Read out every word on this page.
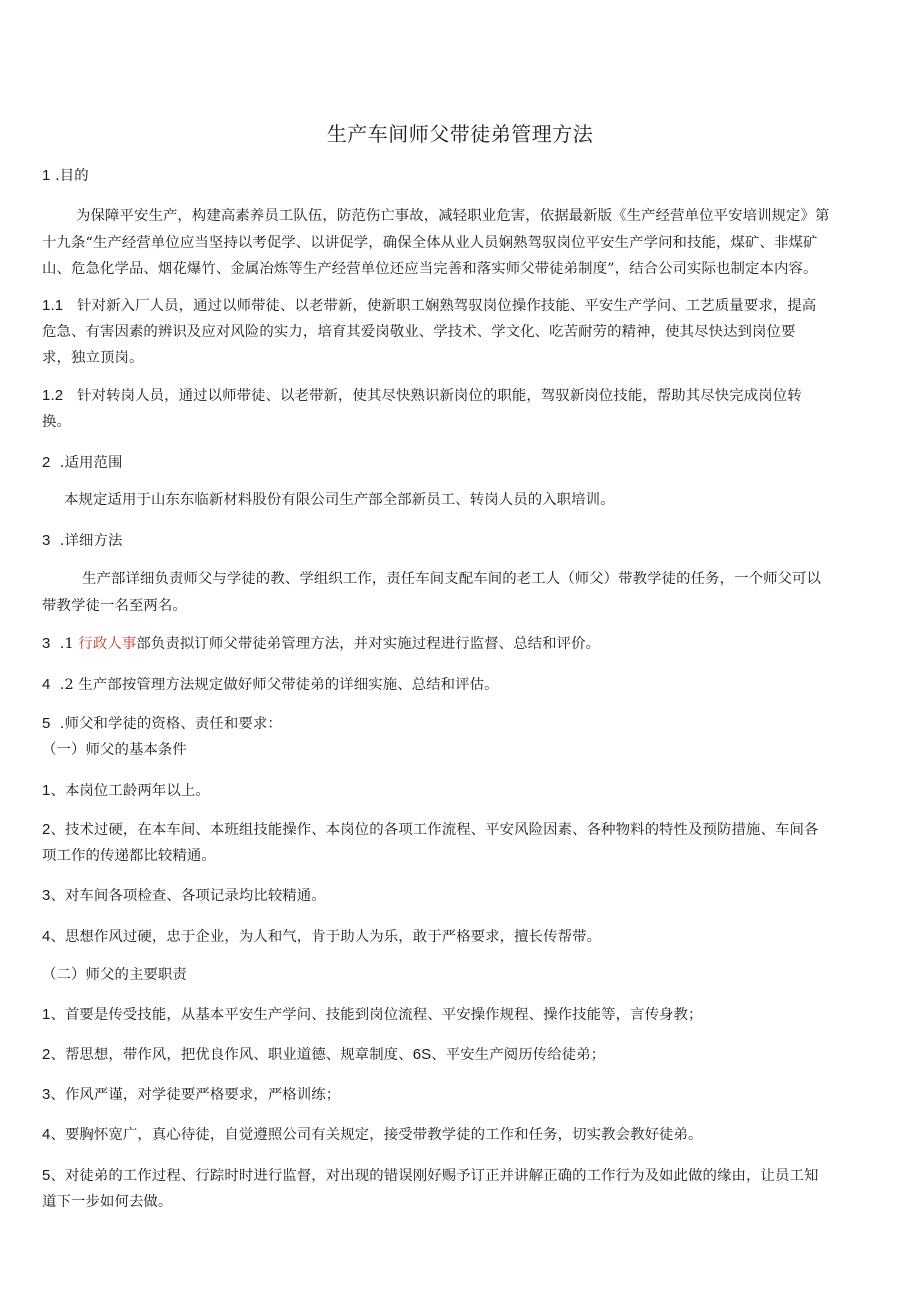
生产车间师父带徒弟管理方法
1 .目的
为保障平安生产，构建高素养员工队伍，防范伤亡事故，减轻职业危害，依据最新版《生产经营单位平安培训规定》第
十九条“生产经营单位应当坚持以考促学、以讲促学，确保全体从业人员娴熟驾驭岗位平安生产学问和技能，煤矿、非煤矿
山、危急化学品、烟花爆竹、金属冶炼等生产经营单位还应当完善和落实师父带徒弟制度”，结合公司实际也制定本内容。
1.1   针对新入厂人员，通过以师带徒、以老带新，使新职工娴熟驾驭岗位操作技能、平安生产学问、工艺质量要求，提高
危急、有害因素的辨识及应对风险的实力，培育其爱岗敬业、学技术、学文化、吃苦耐劳的精神，使其尽快达到岗位要
求，独立顶岗。
1.2   针对转岗人员，通过以师带徒、以老带新，使其尽快熟识新岗位的职能，驾驭新岗位技能，帮助其尽快完成岗位转
换。
2  .适用范围
本规定适用于山东东临新材料股份有限公司生产部全部新员工、转岗人员的入职培训。
3  .详细方法
生产部详细负责师父与学徒的教、学组织工作，责任车间支配车间的老工人（师父）带教学徒的任务，一个师父可以
带教学徒一名至两名。
3  .1 行政人事部负责拟订师父带徒弟管理方法，并对实施过程进行监督、总结和评价。
4  .2 生产部按管理方法规定做好师父带徒弟的详细实施、总结和评估。
5  .师父和学徒的资格、责任和要求：
（一）师父的基本条件
1、本岗位工龄两年以上。
2、技术过硬，在本车间、本班组技能操作、本岗位的各项工作流程、平安风险因素、各种物料的特性及预防措施、车间各
项工作的传递都比较精通。
3、对车间各项检查、各项记录均比较精通。
4、思想作风过硬，忠于企业，为人和气，肯于助人为乐，敢于严格要求，擅长传帮带。
（二）师父的主要职责
1、首要是传受技能，从基本平安生产学问、技能到岗位流程、平安操作规程、操作技能等，言传身教；
2、帮思想，带作风，把优良作风、职业道德、规章制度、6S、平安生产阅历传给徒弟；
3、作风严谨，对学徒要严格要求，严格训练；
4、要胸怀宽广，真心待徒，自觉遵照公司有关规定，接受带教学徒的工作和任务，切实教会教好徒弟。
5、对徒弟的工作过程、行踪时时进行监督，对出现的错误刚好赐予订正并讲解正确的工作行为及如此做的缘由，让员工知
道下一步如何去做。
